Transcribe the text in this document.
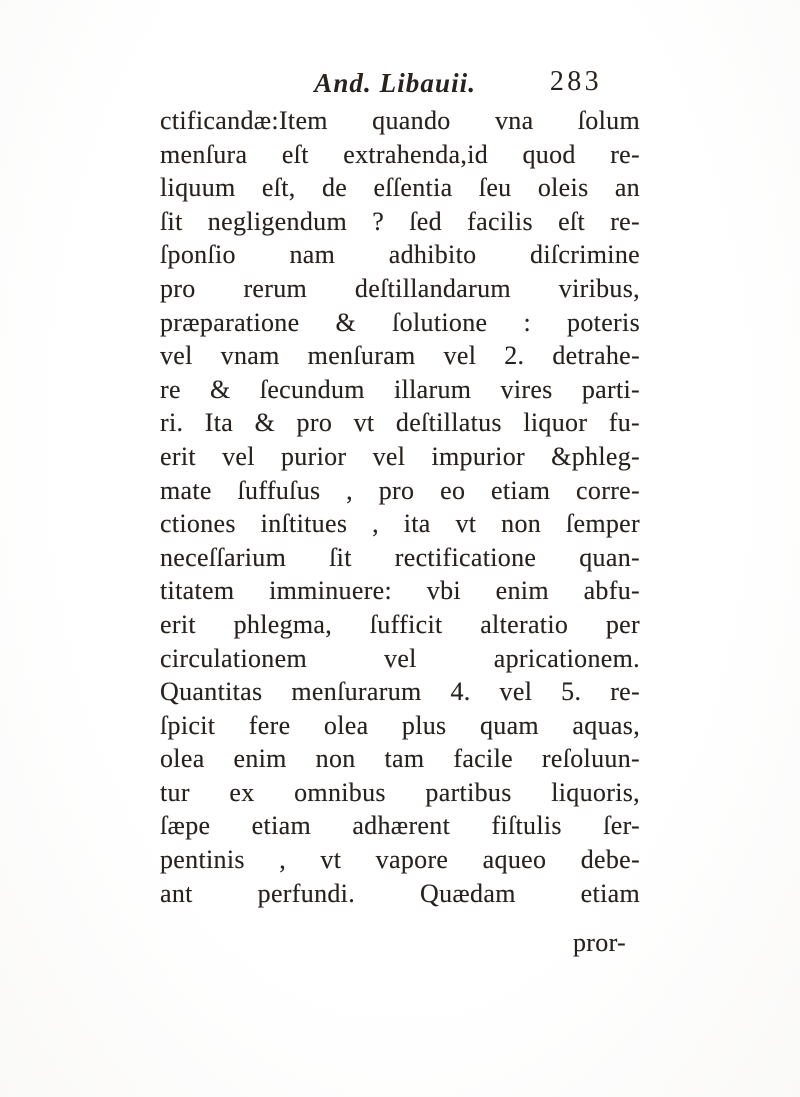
And. Libauii.	283
ctificandæ:Item quando vna ſolum
menſura eſt extrahenda,id quod re-
liquum eſt, de eſſentia ſeu oleis an
ſit negligendum ? ſed facilis eſt re-
ſponſio nam adhibito diſcrimine
pro rerum deſtillandarum viribus,
præparatione & ſolutione : poteris
vel vnam menſuram vel 2. detrahe-
re & ſecundum illarum vires parti-
ri. Ita & pro vt deſtillatus liquor fu-
erit vel purior vel impurior &phleg-
mate ſuffuſus , pro eo etiam corre-
ctiones inſtitues , ita vt non ſemper
neceſſarium ſit rectificatione quan-
titatem imminuere: vbi enim abfu-
erit phlegma, ſufficit alteratio per
circulationem vel apricationem.
Quantitas menſurarum 4. vel 5. re-
ſpicit fere olea plus quam aquas,
olea enim non tam facile reſoluun-
tur ex omnibus partibus liquoris,
ſæpe etiam adhærent fiſtulis ſer-
pentinis , vt vapore aqueo debe-
ant perfundi. Quædam etiam
pror-
